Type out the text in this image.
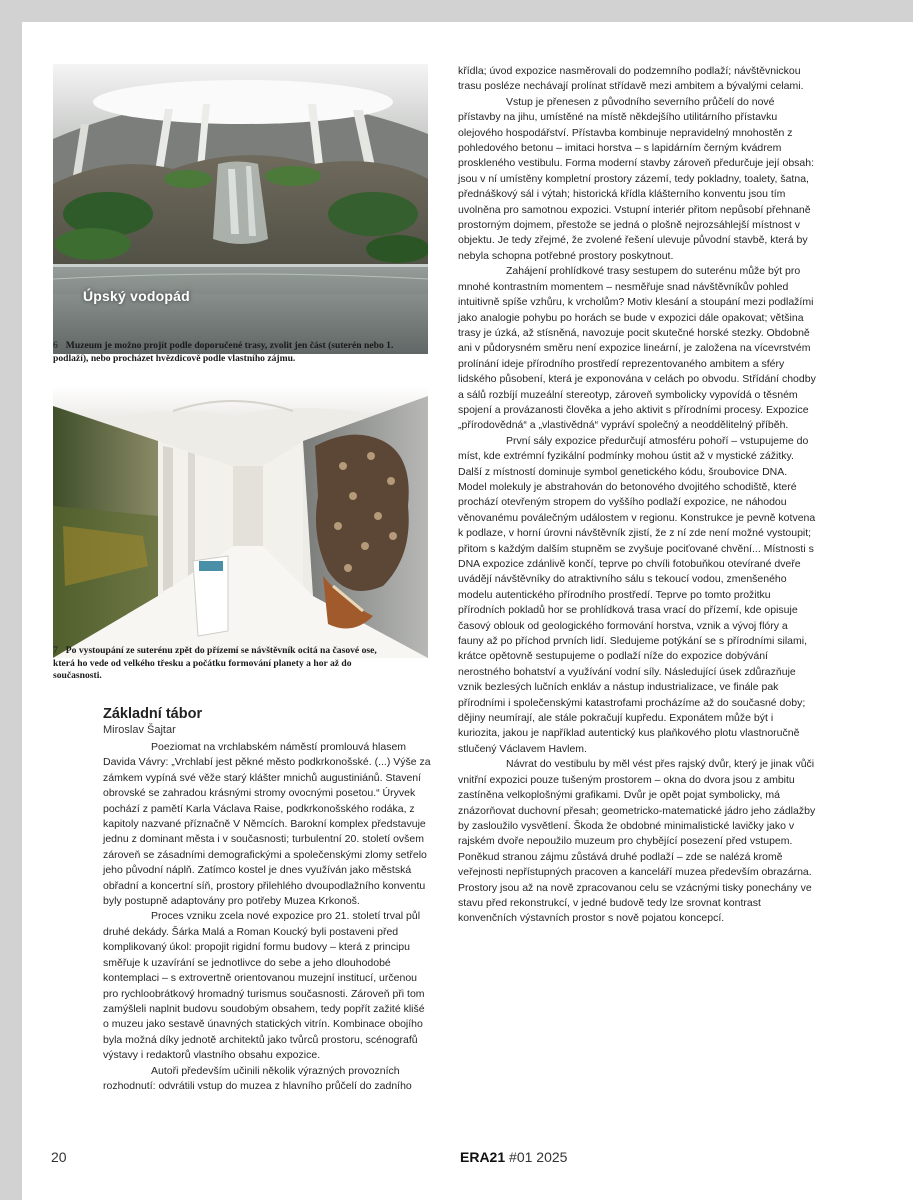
Úpský vodopád
6 Muzeum je možno projít podle doporučené trasy, zvolit jen část (suterén nebo 1. podlaží), nebo procházet hvězdicově podle vlastního zájmu.
7 Po vystoupání ze suterénu zpět do přízemí se návštěvník ocitá na časové ose, která ho vede od velkého třesku a počátku formování planety a hor až do současnosti.
Základní tábor
Miroslav Šajtar

Poeziomat na vrchlabském náměstí promlouvá hlasem Davida Vávry: „Vrchlabí jest pěkné město podkrkonošské. (...) Výše za zámkem vypíná své věže starý klášter mnichů augustiniánů. Stavení obrovské se zahradou krásnými stromy ovocnými posetou.“ Úryvek pochází z pamětí Karla Václava Raise, podkrkonošského rodáka, z kapitoly nazvané příznačně V Němcích. Barokní komplex představuje jednu z dominant města i v současnosti; turbulentní 20. století ovšem zároveň se zásadními demografickými a společenskými zlomy setřelo jeho původní náplň. Zatímco kostel je dnes využíván jako městská obřadní a koncertní síň, prostory přilehlého dvoupodlažního konventu byly postupně adaptovány pro potřeby Muzea Krkonoš.

Proces vzniku zcela nové expozice pro 21. století trval půl druhé dekády. Šárka Malá a Roman Koucký byli postaveni před komplikovaný úkol: propojit rigidní formu budovy – která z principu směřuje k uzavírání se jednotlivce do sebe a jeho dlouhodobé kontemplaci – s extrovertně orientovanou muzejní institucí, určenou pro rychloobrátkový hromadný turismus současnosti. Zároveň při tom zamýšleli naplnit budovu soudobým obsahem, tedy popřít zažité klišé o muzeu jako sestavě únavných statických vitrín. Kombinace obojího byla možná díky jednotě architektů jako tvůrců prostoru, scénografů výstavy i redaktorů vlastního obsahu expozice.

Autoři především učinili několik výrazných provozních rozhodnutí: odvrátili vstup do muzea z hlavního průčelí do zadního

křídla; úvod expozice nasměrovali do podzemního podlaží; návštěvnickou trasu posléze nechávají prolínat střídavě mezi ambitem a bývalými celami.

Vstup je přenesen z původního severního průčelí do nové přístavby na jihu, umístěné na místě někdejšího utilitárního přístavku olejového hospodářství. Přístavba kombinuje nepravidelný mnohostěn z pohledového betonu – imitaci horstva – s lapidárním černým kvádrem proskleného vestibulu. Forma moderní stavby zároveň předurčuje její obsah: jsou v ní umístěny kompletní prostory zázemí, tedy pokladny, toalety, šatna, přednáškový sál i výtah; historická křídla klášterního konventu jsou tím uvolněna pro samotnou expozici. Vstupní interiér přitom nepůsobí přehnaně prostorným dojmem, přestože se jedná o plošně nejrozsáhlejší místnost v objektu. Je tedy zřejmé, že zvolené řešení ulevuje původní stavbě, která by nebyla schopna potřebné prostory poskytnout.

Zahájení prohlídkové trasy sestupem do suterénu může být pro mnohé kontrastním momentem – nesměřuje snad návštěvníkův pohled intuitivně spíše vzhůru, k vrcholům? Motiv klesání a stoupání mezi podlažími jako analogie pohybu po horách se bude v expozici dále opakovat; většina trasy je úzká, až stísněná, navozuje pocit skutečné horské stezky. Obdobně ani v půdorysném směru není expozice lineární, je založena na vícevrstvém prolínání ideje přírodního prostředí reprezentovaného ambitem a sféry lidského působení, která je exponována v celách po obvodu. Střídání chodby a sálů rozbíjí muzeální stereotyp, zároveň symbolicky vypovídá o těsném spojení a provázanosti člověka a jeho aktivit s přírodními procesy. Expozice „přírodovědná“ a „vlastivědná“ vypráví společný a neoddělitelný příběh.

První sály expozice předurčují atmosféru pohoří – vstupujeme do míst, kde extrémní fyzikální podmínky mohou ústit až v mystické zážitky. Další z místností dominuje symbol genetického kódu, šroubovice DNA. Model molekuly je abstrahován do betonového dvojitého schodiště, které prochází otevřeným stropem do vyššího podlaží expozice, ne náhodou věnovanému poválečným událostem v regionu. Konstrukce je pevně kotvena k podlaze, v horní úrovni návštěvník zjistí, že z ní zde není možné vystoupit; přitom s každým dalším stupněm se zvyšuje pociťované chvění... Místnosti s DNA expozice zdánlivě končí, teprve po chvíli fotobuňkou otevírané dveře uvádějí návštěvníky do atraktivního sálu s tekoucí vodou, zmenšeného modelu autentického přírodního prostředí. Teprve po tomto prožitku přírodních pokladů hor se prohlídková trasa vrací do přízemí, kde opisuje časový oblouk od geologického formování horstva, vznik a vývoj flóry a fauny až po příchod prvních lidí. Sledujeme potýkání se s přírodními silami, krátce opětovně sestupujeme o podlaží níže do expozice dobývání nerostného bohatství a využívání vodní síly. Následující úsek zdůrazňuje vznik bezlesých lučních enkláv a nástup industrializace, ve finále pak přírodními i společenskými katastrofami procházíme až do současné doby; dějiny neumírají, ale stále pokračují kupředu. Exponátem může být i kuriozita, jakou je například autentický kus plaňkového plotu vlastnoručně stlučený Václavem Havlem.

Návrat do vestibulu by měl vést přes rajský dvůr, který je jinak vůči vnitřní expozici pouze tušeným prostorem – okna do dvora jsou z ambitu zastíněna velkoplošnými grafikami. Dvůr je opět pojat symbolicky, má znázorňovat duchovní přesah; geometricko-matematické jádro jeho zádlažby by zasloužilo vysvětlení. Škoda že obdobné minimalistické lavičky jako v rajském dvoře nepoužilo muzeum pro chybějící posezení před vstupem. Poněkud stranou zájmu zůstává druhé podlaží – zde se nalézá kromě veřejnosti nepřístupných pracoven a kanceláří muzea především obrazárna. Prostory jsou až na nově zpracovanou celu se vzácnými tisky ponechány ve stavu před rekonstrukcí, v jedné budově tedy lze srovnat kontrast konvenčních výstavních prostor s nově pojatou koncepcí.

20	ERA21 #01 2025
